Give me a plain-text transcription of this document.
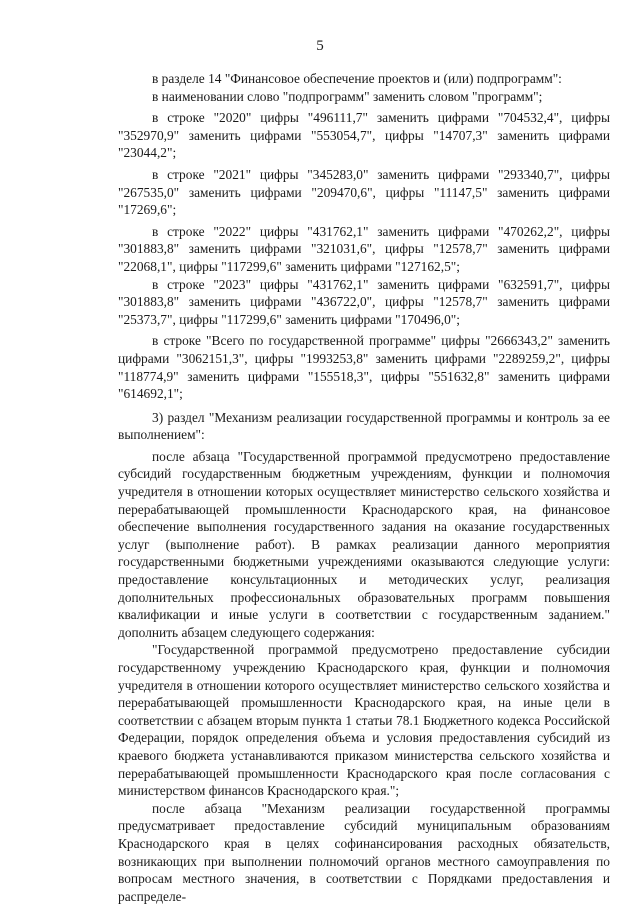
5

в разделе 14 "Финансовое обеспечение проектов и (или) подпрограмм":

в наименовании слово "подпрограмм" заменить словом "программ";

в строке "2020" цифры "496111,7" заменить цифрами "704532,4", цифры "352970,9" заменить цифрами "553054,7", цифры "14707,3" заменить цифрами "23044,2";

в строке "2021" цифры "345283,0" заменить цифрами "293340,7", цифры "267535,0" заменить цифрами "209470,6", цифры "11147,5" заменить цифрами "17269,6";

в строке "2022" цифры "431762,1" заменить цифрами "470262,2", цифры "301883,8" заменить цифрами "321031,6", цифры "12578,7" заменить цифрами "22068,1", цифры "117299,6" заменить цифрами "127162,5";

в строке "2023" цифры "431762,1" заменить цифрами "632591,7", цифры "301883,8" заменить цифрами "436722,0", цифры "12578,7" заменить цифрами "25373,7", цифры "117299,6" заменить цифрами "170496,0";

в строке "Всего по государственной программе" цифры "2666343,2" заменить цифрами "3062151,3", цифры "1993253,8" заменить цифрами "2289259,2", цифры "118774,9" заменить цифрами "155518,3", цифры "551632,8" заменить цифрами "614692,1";

3) раздел "Механизм реализации государственной программы и контроль за ее выполнением":

после абзаца "Государственной программой предусмотрено предоставление субсидий государственным бюджетным учреждениям, функции и полномочия учредителя в отношении которых осуществляет министерство сельского хозяйства и перерабатывающей промышленности Краснодарского края, на финансовое обеспечение выполнения государственного задания на оказание государственных услуг (выполнение работ). В рамках реализации данного мероприятия государственными бюджетными учреждениями оказываются следующие услуги: предоставление консультационных и методических услуг, реализация дополнительных профессиональных образовательных программ повышения квалификации и иные услуги в соответствии с государственным заданием." дополнить абзацем следующего содержания:

"Государственной программой предусмотрено предоставление субсидии государственному учреждению Краснодарского края, функции и полномочия учредителя в отношении которого осуществляет министерство сельского хозяйства и перерабатывающей промышленности Краснодарского края, на иные цели в соответствии с абзацем вторым пункта 1 статьи 78.1 Бюджетного кодекса Российской Федерации, порядок определения объема и условия предоставления субсидий из краевого бюджета устанавливаются приказом министерства сельского хозяйства и перерабатывающей промышленности Краснодарского края после согласования с министерством финансов Краснодарского края.";

после абзаца "Механизм реализации государственной программы предусматривает предоставление субсидий муниципальным образованиям Краснодарского края в целях софинансирования расходных обязательств, возникающих при выполнении полномочий органов местного самоуправления по вопросам местного значения, в соответствии с Порядками предоставления и распределе-
